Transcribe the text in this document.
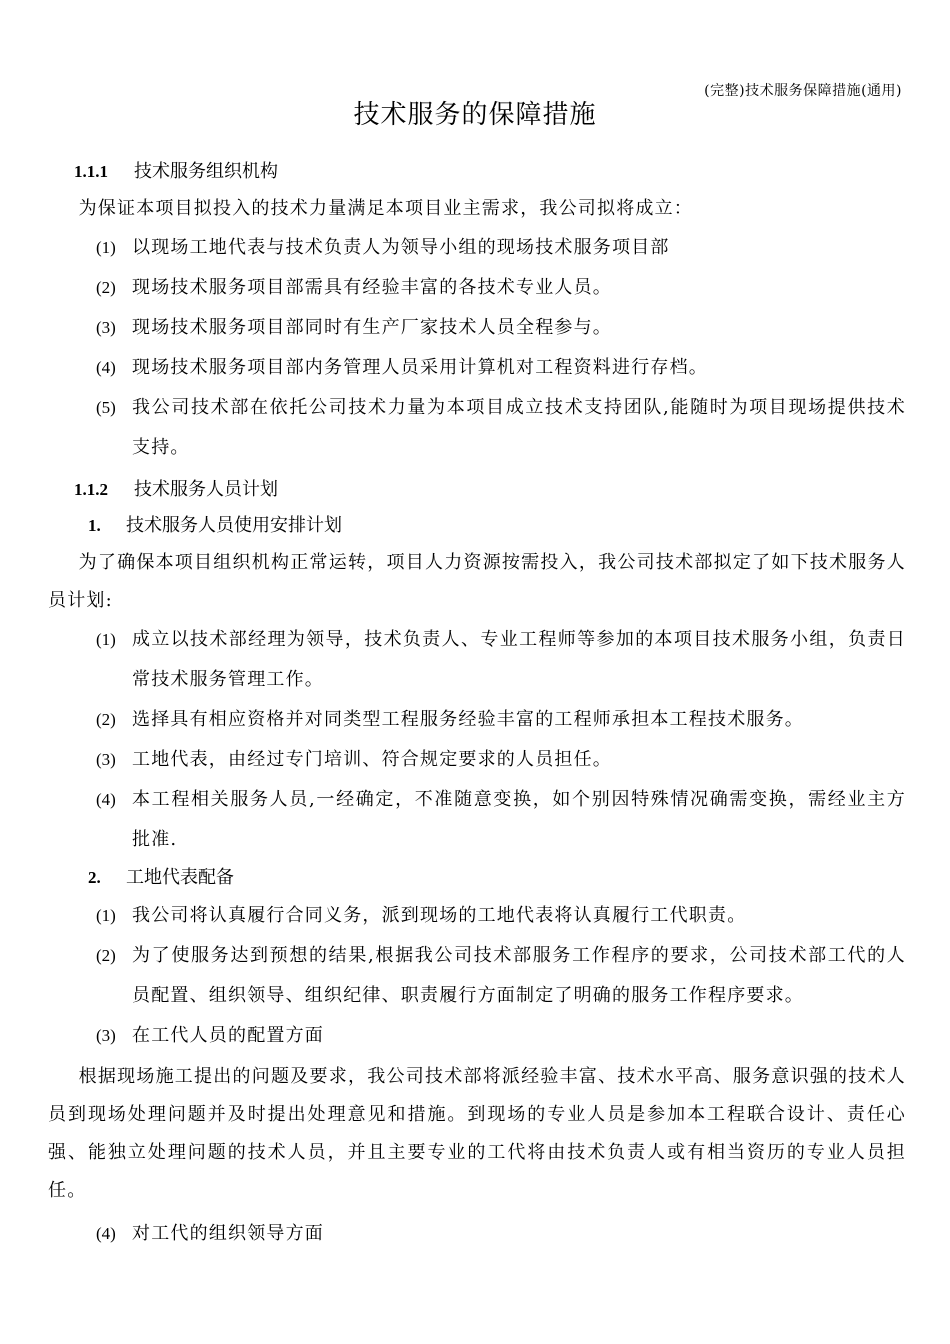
(完整)技术服务保障措施(通用)
技术服务的保障措施
1.1.1 技术服务组织机构
为保证本项目拟投入的技术力量满足本项目业主需求，我公司拟将成立：
(1) 以现场工地代表与技术负责人为领导小组的现场技术服务项目部
(2) 现场技术服务项目部需具有经验丰富的各技术专业人员。
(3) 现场技术服务项目部同时有生产厂家技术人员全程参与。
(4) 现场技术服务项目部内务管理人员采用计算机对工程资料进行存档。
(5) 我公司技术部在依托公司技术力量为本项目成立技术支持团队,能随时为项目现场提供技术支持。
1.1.2 技术服务人员计划
1. 技术服务人员使用安排计划
为了确保本项目组织机构正常运转，项目人力资源按需投入，我公司技术部拟定了如下技术服务人员计划:
(1) 成立以技术部经理为领导，技术负责人、专业工程师等参加的本项目技术服务小组，负责日常技术服务管理工作。
(2) 选择具有相应资格并对同类型工程服务经验丰富的工程师承担本工程技术服务。
(3) 工地代表，由经过专门培训、符合规定要求的人员担任。
(4) 本工程相关服务人员,一经确定，不准随意变换，如个别因特殊情况确需变换，需经业主方批准.
2. 工地代表配备
(1) 我公司将认真履行合同义务，派到现场的工地代表将认真履行工代职责。
(2) 为了使服务达到预想的结果,根据我公司技术部服务工作程序的要求，公司技术部工代的人员配置、组织领导、组织纪律、职责履行方面制定了明确的服务工作程序要求。
(3) 在工代人员的配置方面
根据现场施工提出的问题及要求，我公司技术部将派经验丰富、技术水平高、服务意识强的技术人员到现场处理问题并及时提出处理意见和措施。到现场的专业人员是参加本工程联合设计、责任心强、能独立处理问题的技术人员，并且主要专业的工代将由技术负责人或有相当资历的专业人员担任。
(4) 对工代的组织领导方面
